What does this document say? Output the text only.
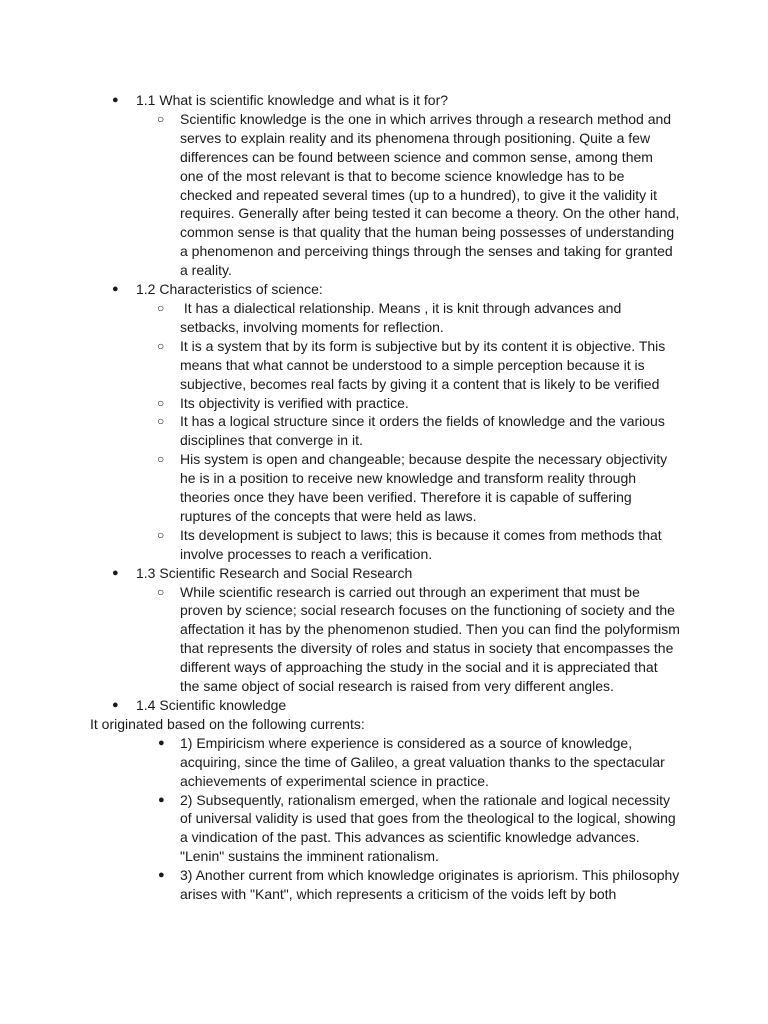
● 1.1 What is scientific knowledge and what is it for?
○ Scientific knowledge is the one in which arrives through a research method and serves to explain reality and its phenomena through positioning. Quite a few differences can be found between science and common sense, among them one of the most relevant is that to become science knowledge has to be checked and repeated several times (up to a hundred), to give it the validity it requires. Generally after being tested it can become a theory. On the other hand, common sense is that quality that the human being possesses of understanding a phenomenon and perceiving things through the senses and taking for granted a reality.
● 1.2 Characteristics of science:
○ It has a dialectical relationship. Means , it is knit through advances and setbacks, involving moments for reflection.
○ It is a system that by its form is subjective but by its content it is objective. This means that what cannot be understood to a simple perception because it is subjective, becomes real facts by giving it a content that is likely to be verified
○ Its objectivity is verified with practice.
○ It has a logical structure since it orders the fields of knowledge and the various disciplines that converge in it.
○ His system is open and changeable; because despite the necessary objectivity he is in a position to receive new knowledge and transform reality through theories once they have been verified. Therefore it is capable of suffering ruptures of the concepts that were held as laws.
○ Its development is subject to laws; this is because it comes from methods that involve processes to reach a verification.
● 1.3 Scientific Research and Social Research
○ While scientific research is carried out through an experiment that must be proven by science; social research focuses on the functioning of society and the affectation it has by the phenomenon studied. Then you can find the polyformism that represents the diversity of roles and status in society that encompasses the different ways of approaching the study in the social and it is appreciated that the same object of social research is raised from very different angles.
● 1.4 Scientific knowledge
It originated based on the following currents:
● 1) Empiricism where experience is considered as a source of knowledge, acquiring, since the time of Galileo, a great valuation thanks to the spectacular achievements of experimental science in practice.
● 2) Subsequently, rationalism emerged, when the rationale and logical necessity of universal validity is used that goes from the theological to the logical, showing a vindication of the past. This advances as scientific knowledge advances. "Lenin" sustains the imminent rationalism.
● 3) Another current from which knowledge originates is apriorism. This philosophy arises with "Kant", which represents a criticism of the voids left by both
